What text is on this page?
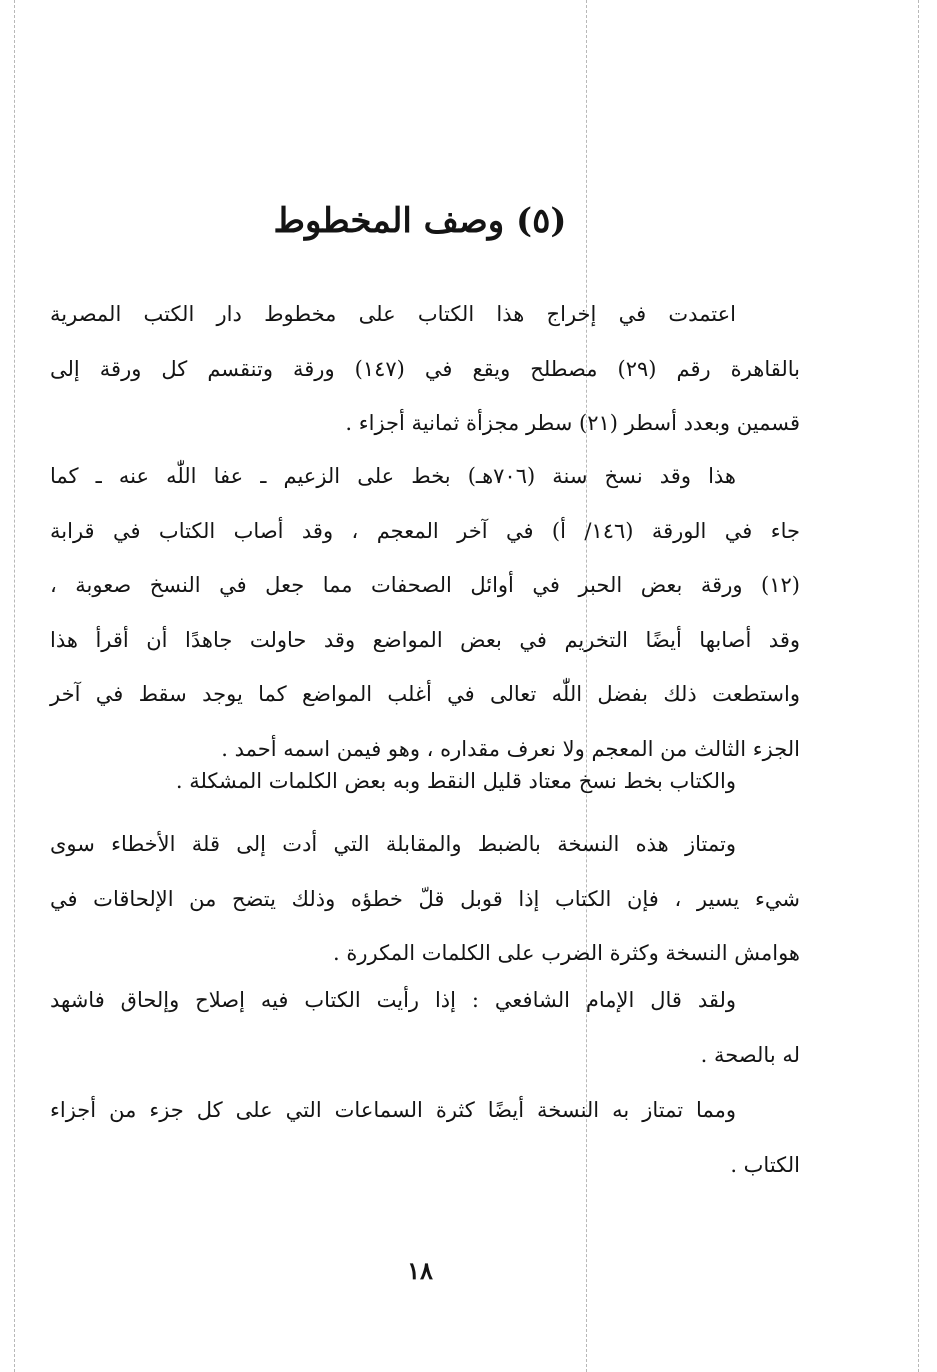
(٥) وصف المخطوط

اعتمدت في إخراج هذا الكتاب على مخطوط دار الكتب المصرية
بالقاهرة رقم (٢٩) مصطلح ويقع في (١٤٧) ورقة وتنقسم كل ورقة إلى
قسمين وبعدد أسطر (٢١) سطر مجزأة ثمانية أجزاء .

هذا وقد نسخ سنة (٧٠٦هـ) بخط على الزعيم ـ عفا اللّٰه عنه ـ كما
جاء في الورقة (١٤٦/ أ) في آخر المعجم ، وقد أصاب الكتاب في قرابة
(١٢) ورقة بعض الحبر في أوائل الصحفات مما جعل في النسخ صعوبة ،
وقد أصابها أيضًا التخريم في بعض المواضع وقد حاولت جاهدًا أن أقرأ هذا
واستطعت ذلك بفضل اللّٰه تعالى في أغلب المواضع كما يوجد سقط في آخر
الجزء الثالث من المعجم ولا نعرف مقداره ، وهو فيمن اسمه أحمد .

والكتاب بخط نسخ معتاد قليل النقط وبه بعض الكلمات المشكلة .

وتمتاز هذه النسخة بالضبط والمقابلة التي أدت إلى قلة الأخطاء سوى
شيء يسير ، فإن الكتاب إذا قوبل قلّ خطؤه وذلك يتضح من الإلحاقات في
هوامش النسخة وكثرة الضرب على الكلمات المكررة .

ولقد قال الإمام الشافعي : إذا رأيت الكتاب فيه إصلاح وإلحاق فاشهد
له بالصحة .

ومما تمتاز به النسخة أيضًا كثرة السماعات التي على كل جزء من أجزاء
الكتاب .

١٨
